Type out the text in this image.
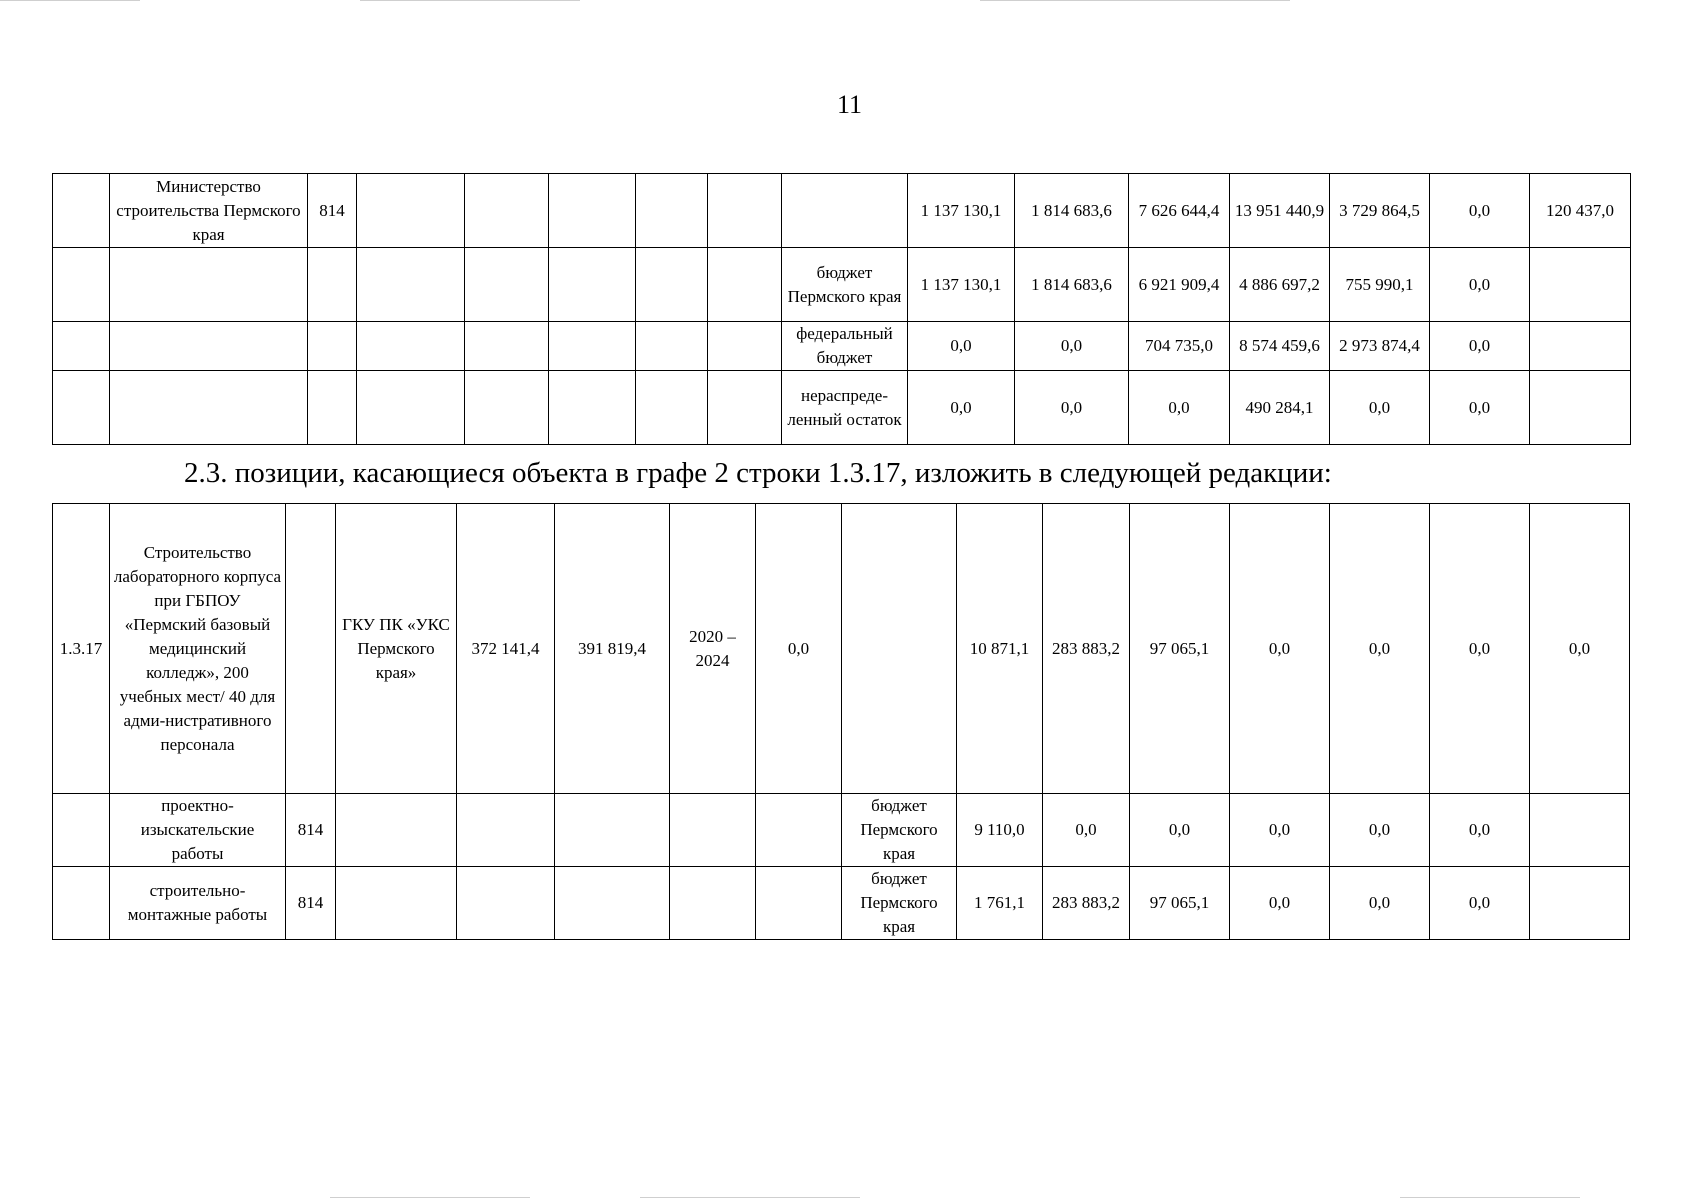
11
	Министерство строительства Пермского края	814							1 137 130,1	1 814 683,6	7 626 644,4	13 951 440,9	3 729 864,5	0,0	120 437,0
								бюджет Пермского края	1 137 130,1	1 814 683,6	6 921 909,4	4 886 697,2	755 990,1	0,0	
								федеральный бюджет	0,0	0,0	704 735,0	8 574 459,6	2 973 874,4	0,0	
								нераспреде-ленный остаток	0,0	0,0	0,0	490 284,1	0,0	0,0	
2.3. позиции, касающиеся объекта в графе 2 строки 1.3.17, изложить в следующей редакции:
1.3.17	Строительство лабораторного корпуса при ГБПОУ «Пермский базовый медицинский колледж», 200 учебных мест/ 40 для адми-нистративного персонала		ГКУ ПК «УКС Пермского края»	372 141,4	391 819,4	2020 – 2024	0,0		10 871,1	283 883,2	97 065,1	0,0	0,0	0,0	0,0
	проектно-изыскательские работы	814						бюджет Пермского края	9 110,0	0,0	0,0	0,0	0,0	0,0	
	строительно-монтажные работы	814						бюджет Пермского края	1 761,1	283 883,2	97 065,1	0,0	0,0	0,0	
